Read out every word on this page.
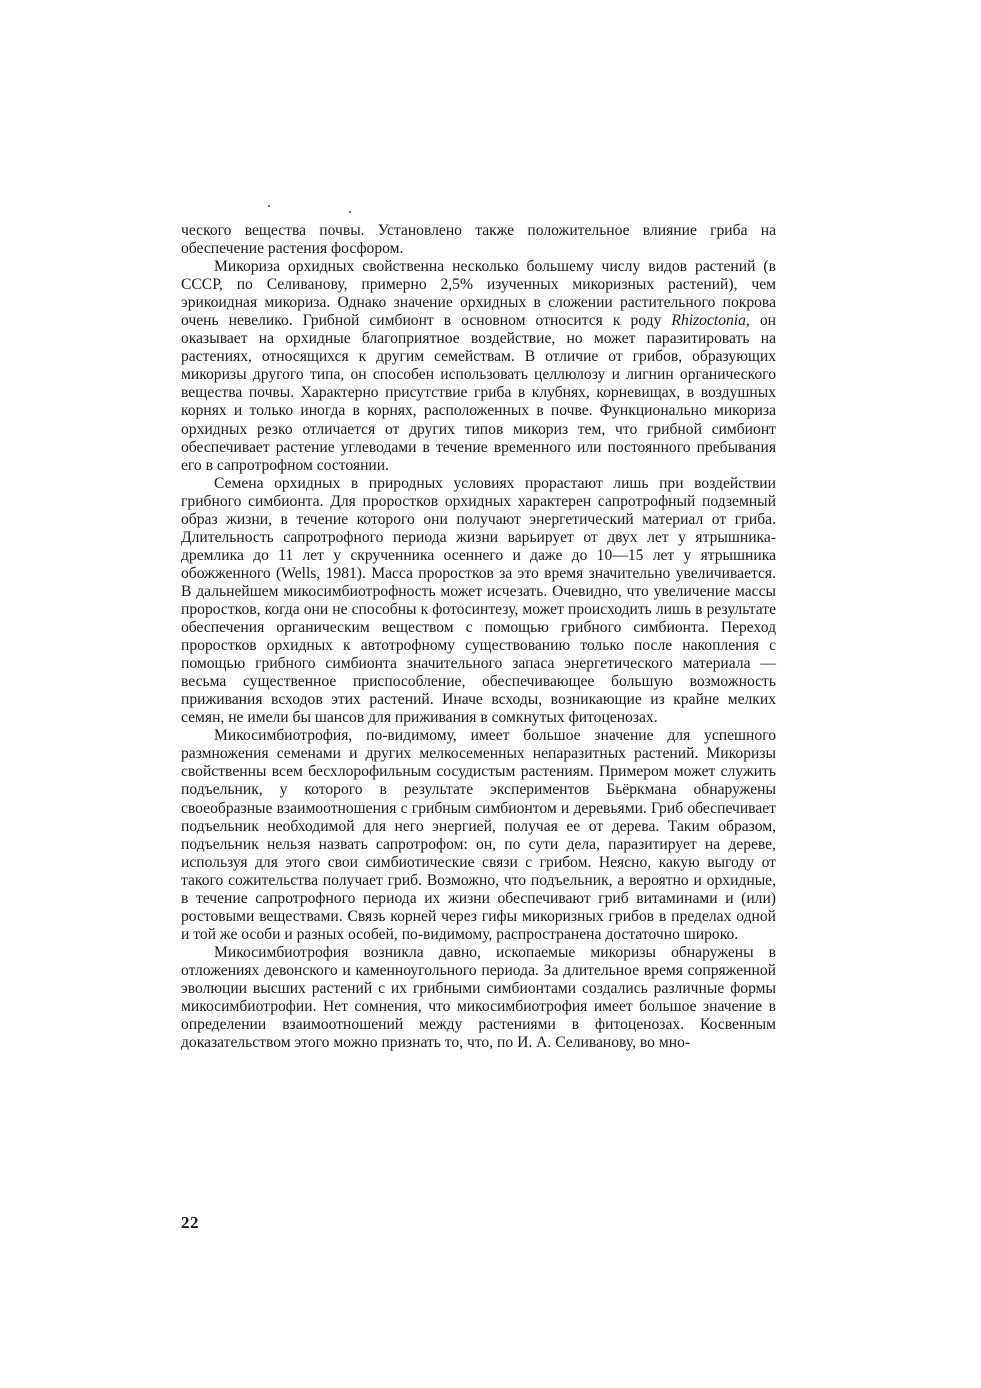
ческого вещества почвы. Установлено также положительное влияние гриба на обеспечение растения фосфором.

Микориза орхидных свойственна несколько большему числу видов растений (в СССР, по Селиванову, примерно 2,5% изученных микоризных растений), чем эрикоидная микориза. Однако значение орхидных в сложении растительного покрова очень невелико. Грибной симбионт в основном относится к роду Rhizoctonia, он оказывает на орхидные благоприятное воздействие, но может паразитировать на растениях, относящихся к другим семействам. В отличие от грибов, образующих микоризы другого типа, он способен использовать целлюлозу и лигнин органического вещества почвы. Характерно присутствие гриба в клубнях, корневищах, в воздушных корнях и только иногда в корнях, расположенных в почве. Функционально микориза орхидных резко отличается от других типов микориз тем, что грибной симбионт обеспечивает растение углеводами в течение временного или постоянного пребывания его в сапротрофном состоянии.

Семена орхидных в природных условиях прорастают лишь при воздействии грибного симбионта. Для проростков орхидных характерен сапротрофный подземный образ жизни, в течение которого они получают энергетический материал от гриба. Длительность сапротрофного периода жизни варьирует от двух лет у ятрышника-дремлика до 11 лет у скрученника осеннего и даже до 10—15 лет у ятрышника обожженного (Wells, 1981). Масса проростков за это время значительно увеличивается. В дальнейшем микосимбиотрофность может исчезать. Очевидно, что увеличение массы проростков, когда они не способны к фотосинтезу, может происходить лишь в результате обеспечения органическим веществом с помощью грибного симбионта. Переход проростков орхидных к автотрофному существованию только после накопления с помощью грибного симбионта значительного запаса энергетического материала — весьма существенное приспособление, обеспечивающее большую возможность приживания всходов этих растений. Иначе всходы, возникающие из крайне мелких семян, не имели бы шансов для приживания в сомкнутых фитоценозах.

Микосимбиотрофия, по-видимому, имеет большое значение для успешного размножения семенами и других мелкосеменных непаразитных растений. Микоризы свойственны всем бесхлорофильным сосудистым растениям. Примером может служить подъельник, у которого в результате экспериментов Бьёркмана обнаружены своеобразные взаимоотношения с грибным симбионтом и деревьями. Гриб обеспечивает подъельник необходимой для него энергией, получая ее от дерева. Таким образом, подъельник нельзя назвать сапротрофом: он, по сути дела, паразитирует на дереве, используя для этого свои симбиотические связи с грибом. Неясно, какую выгоду от такого сожительства получает гриб. Возможно, что подъельник, а вероятно и орхидные, в течение сапротрофного периода их жизни обеспечивают гриб витаминами и (или) ростовыми веществами. Связь корней через гифы микоризных грибов в пределах одной и той же особи и разных особей, по-видимому, распространена достаточно широко.

Микосимбиотрофия возникла давно, ископаемые микоризы обнаружены в отложениях девонского и каменноугольного периода. За длительное время сопряженной эволюции высших растений с их грибными симбионтами создались различные формы микосимбиотрофии. Нет сомнения, что микосимбиотрофия имеет большое значение в определении взаимоотношений между растениями в фитоценозах. Косвенным доказательством этого можно признать то, что, по И. А. Селиванову, во мно-

22
